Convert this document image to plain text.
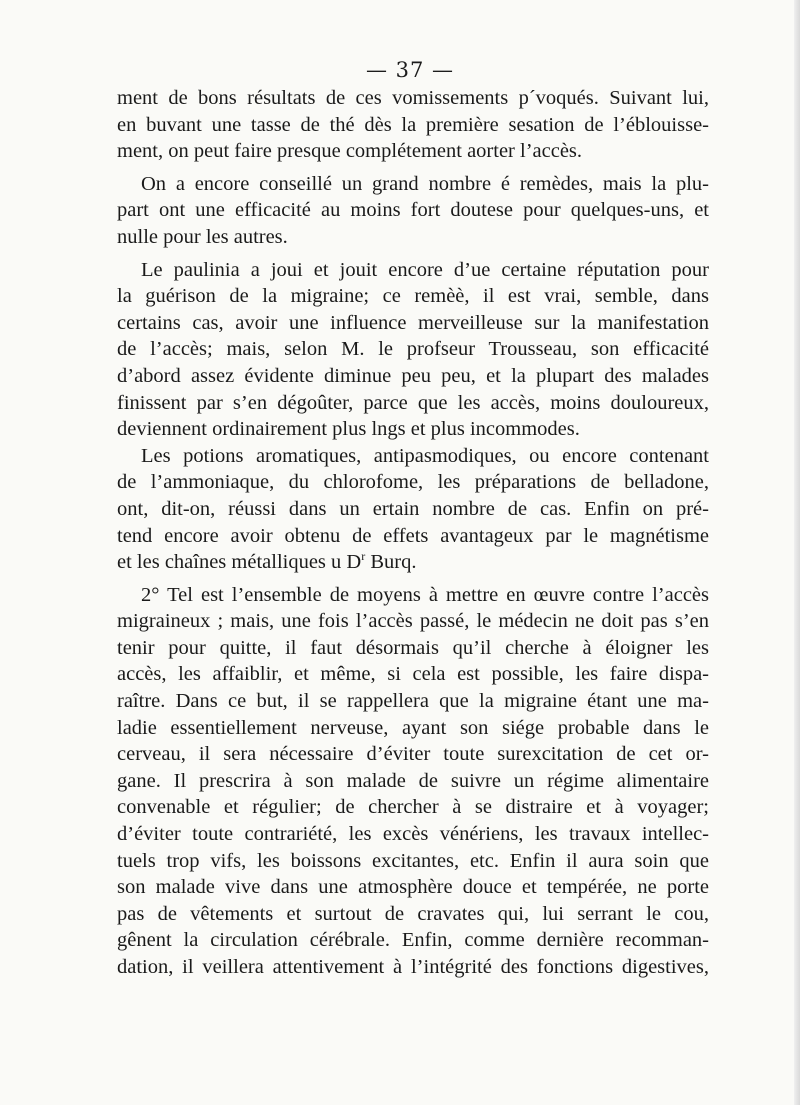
— 37 —
ment de bons résultats de ces vomissements p´voqués. Suivant lui,
en buvant une tasse de thé dès la première sesation de l’éblouisse-
ment, on peut faire presque complétement aorter l’accès.
On a encore conseillé un grand nombre é remèdes, mais la plu-
part ont une efficacité au moins fort doutese pour quelques-uns, et
nulle pour les autres.
Le paulinia a joui et jouit encore d’ue certaine réputation pour
la guérison de la migraine; ce remèè, il est vrai, semble, dans
certains cas, avoir une influence merveilleuse sur la manifestation
de l’accès; mais, selon M. le profseur Trousseau, son efficacité
d’abord assez évidente diminue peu peu, et la plupart des malades
finissent par s’en dégoûter, parce que les accès, moins douloureux,
deviennent ordinairement plus lngs et plus incommodes.
Les potions aromatiques, antipasmodiques, ou encore contenant
de l’ammoniaque, du chlorofome, les préparations de belladone,
ont, dit-on, réussi dans un ertain nombre de cas. Enfin on pré-
tend encore avoir obtenu de effets avantageux par le magnétisme
et les chaînes métalliques u $D^r$ Burq.
2° Tel est l’ensemble de moyens à mettre en œuvre contre l’accès
migraineux ; mais, une fois l’accès passé, le médecin ne doit pas s’en
tenir pour quitte, il faut désormais qu’il cherche à éloigner les
accès, les affaiblir, et même, si cela est possible, les faire dispa-
raître. Dans ce but, il se rappellera que la migraine étant une ma-
ladie essentiellement nerveuse, ayant son siége probable dans le
cerveau, il sera nécessaire d’éviter toute surexcitation de cet or-
gane. Il prescrira à son malade de suivre un régime alimentaire
convenable et régulier; de chercher à se distraire et à voyager;
d’éviter toute contrariété, les excès vénériens, les travaux intellec-
tuels trop vifs, les boissons excitantes, etc. Enfin il aura soin que
son malade vive dans une atmosphère douce et tempérée, ne porte
pas de vêtements et surtout de cravates qui, lui serrant le cou,
gênent la circulation cérébrale. Enfin, comme dernière recomman-
dation, il veillera attentivement à l’intégrité des fonctions digestives,
